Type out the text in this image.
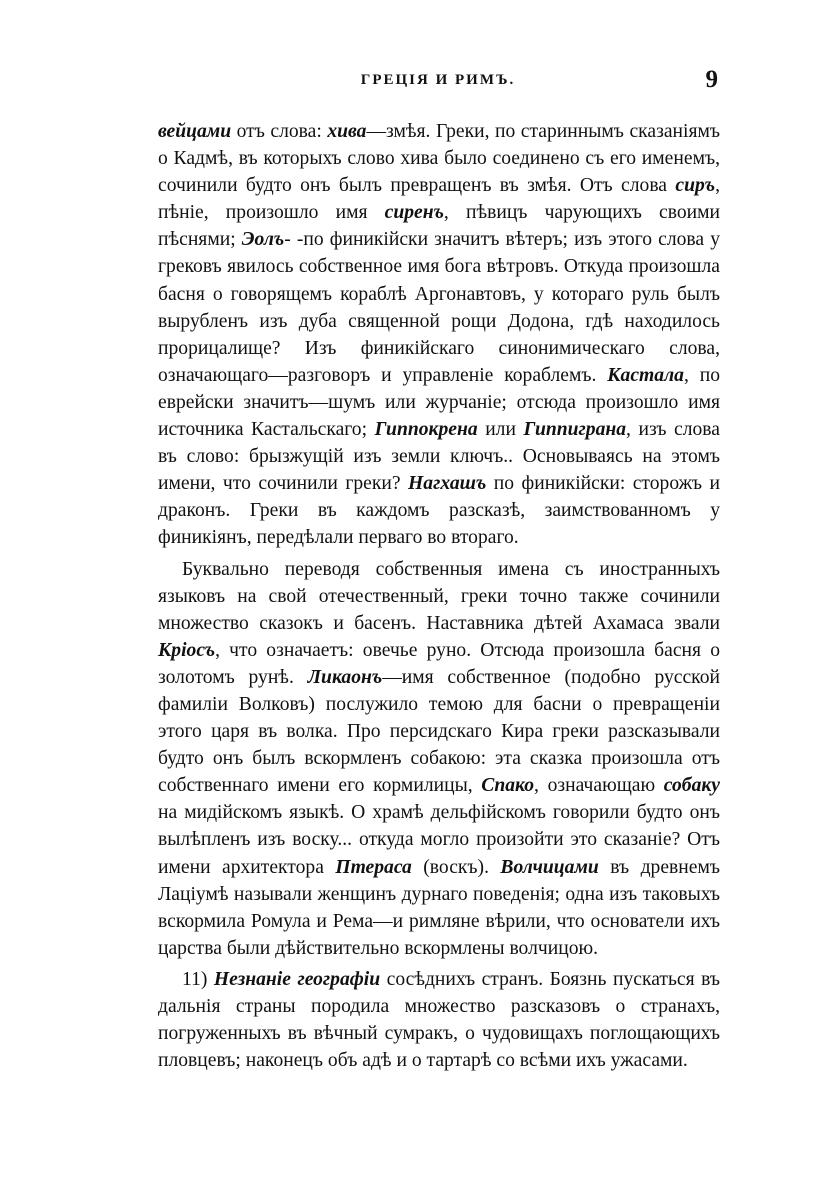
ГРЕЦІЯ И РИМЪ.	9

вейцами отъ слова: хива—змѣя. Греки, по стариннымъ сказаніямъ о Кадмѣ, въ которыхъ слово хива было соединено съ его именемъ, сочинили будто онъ былъ превращенъ въ змѣя. Отъ слова сиръ, пѣніе, произошло имя сиренъ, пѣвицъ чарующихъ своими пѣснями; Эолъ- -по финикійски значитъ вѣтеръ; изъ этого слова у грековъ явилось собственное имя бога вѣтровъ. Откуда произошла басня о говорящемъ кораблѣ Аргонавтовъ, у котораго руль былъ вырубленъ изъ дуба священной рощи Додона, гдѣ находилось прорицалище? Изъ финикійскаго синонимическаго слова, означающаго—разговоръ и управленіе кораблемъ. Кастала, по еврейски значитъ—шумъ или журчаніе; отсюда произошло имя источника Кастальскаго; Гиппокрена или Гиппигрaна, изъ слова въ слово: брызжущій изъ земли ключъ.. Основываясь на этомъ имени, что сочинили греки? Нагхашъ по финикійски: сторожъ и драконъ. Греки въ каждомъ разсказѣ, заимствованномъ у финикіянъ, передѣлали перваго во втораго.

Буквально переводя собственныя имена съ иностранныхъ языковъ на свой отечественный, греки точно также сочинили множество сказокъ и басенъ. Наставника дѣтей Ахамаса звали Кріосъ, что означаетъ: овечье руно. Отсюда произошла басня о золотомъ рунѣ. Ликаонъ—имя собственное (подобно русской фамиліи Волковъ) послужило темою для басни о превращеніи этого царя въ волка. Про персидскаго Кира греки разсказывали будто онъ былъ вскормленъ собакою: эта сказка произошла отъ собственнаго имени его кормилицы, Спако, означающаю собаку на мидійскомъ языкѣ. О храмѣ дельфійскомъ говорили будто онъ вылѣпленъ изъ воску... откуда могло произойти это сказаніе? Отъ имени архитектора Птераса (воскъ). Волчицами въ древнемъ Лаціумѣ называли женщинъ дурнаго поведенія; одна изъ таковыхъ вскормила Ромула и Рема—и римляне вѣрили, что основатели ихъ царства были дѣйствительно вскормлены волчицою.

11) Незнаніе географіи сосѣднихъ странъ. Боязнь пускаться въ дальнія страны породила множество разсказовъ о странахъ, погруженныхъ въ вѣчный сумракъ, о чудовищахъ поглощающихъ пловцевъ; наконецъ объ адѣ и о тартарѣ со всѣми ихъ ужасами.
